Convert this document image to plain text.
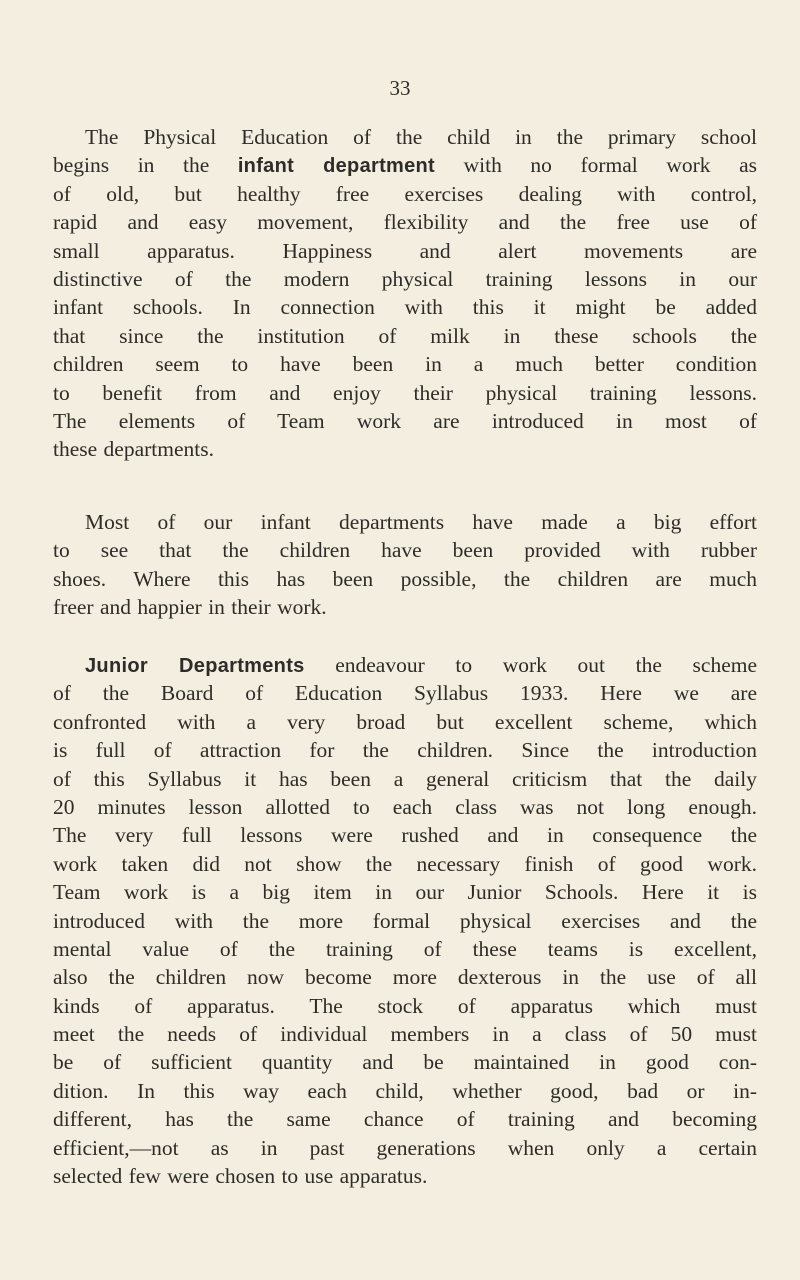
33
The Physical Education of the child in the primary school
begins in the infant department with no formal work as
of old, but healthy free exercises dealing with control,
rapid and easy movement, flexibility and the free use of
small apparatus. Happiness and alert movements are
distinctive of the modern physical training lessons in our
infant schools. In connection with this it might be added
that since the institution of milk in these schools the
children seem to have been in a much better condition
to benefit from and enjoy their physical training lessons.
The elements of Team work are introduced in most of
these departments.
Most of our infant departments have made a big effort
to see that the children have been provided with rubber
shoes. Where this has been possible, the children are much
freer and happier in their work.
Junior Departments endeavour to work out the scheme
of the Board of Education Syllabus 1933. Here we are
confronted with a very broad but excellent scheme, which
is full of attraction for the children. Since the introduction
of this Syllabus it has been a general criticism that the daily
20 minutes lesson allotted to each class was not long enough.
The very full lessons were rushed and in consequence the
work taken did not show the necessary finish of good work.
Team work is a big item in our Junior Schools. Here it is
introduced with the more formal physical exercises and the
mental value of the training of these teams is excellent,
also the children now become more dexterous in the use of all
kinds of apparatus. The stock of apparatus which must
meet the needs of individual members in a class of 50 must
be of sufficient quantity and be maintained in good con-
dition. In this way each child, whether good, bad or in-
different, has the same chance of training and becoming
efficient,—not as in past generations when only a certain
selected few were chosen to use apparatus.
